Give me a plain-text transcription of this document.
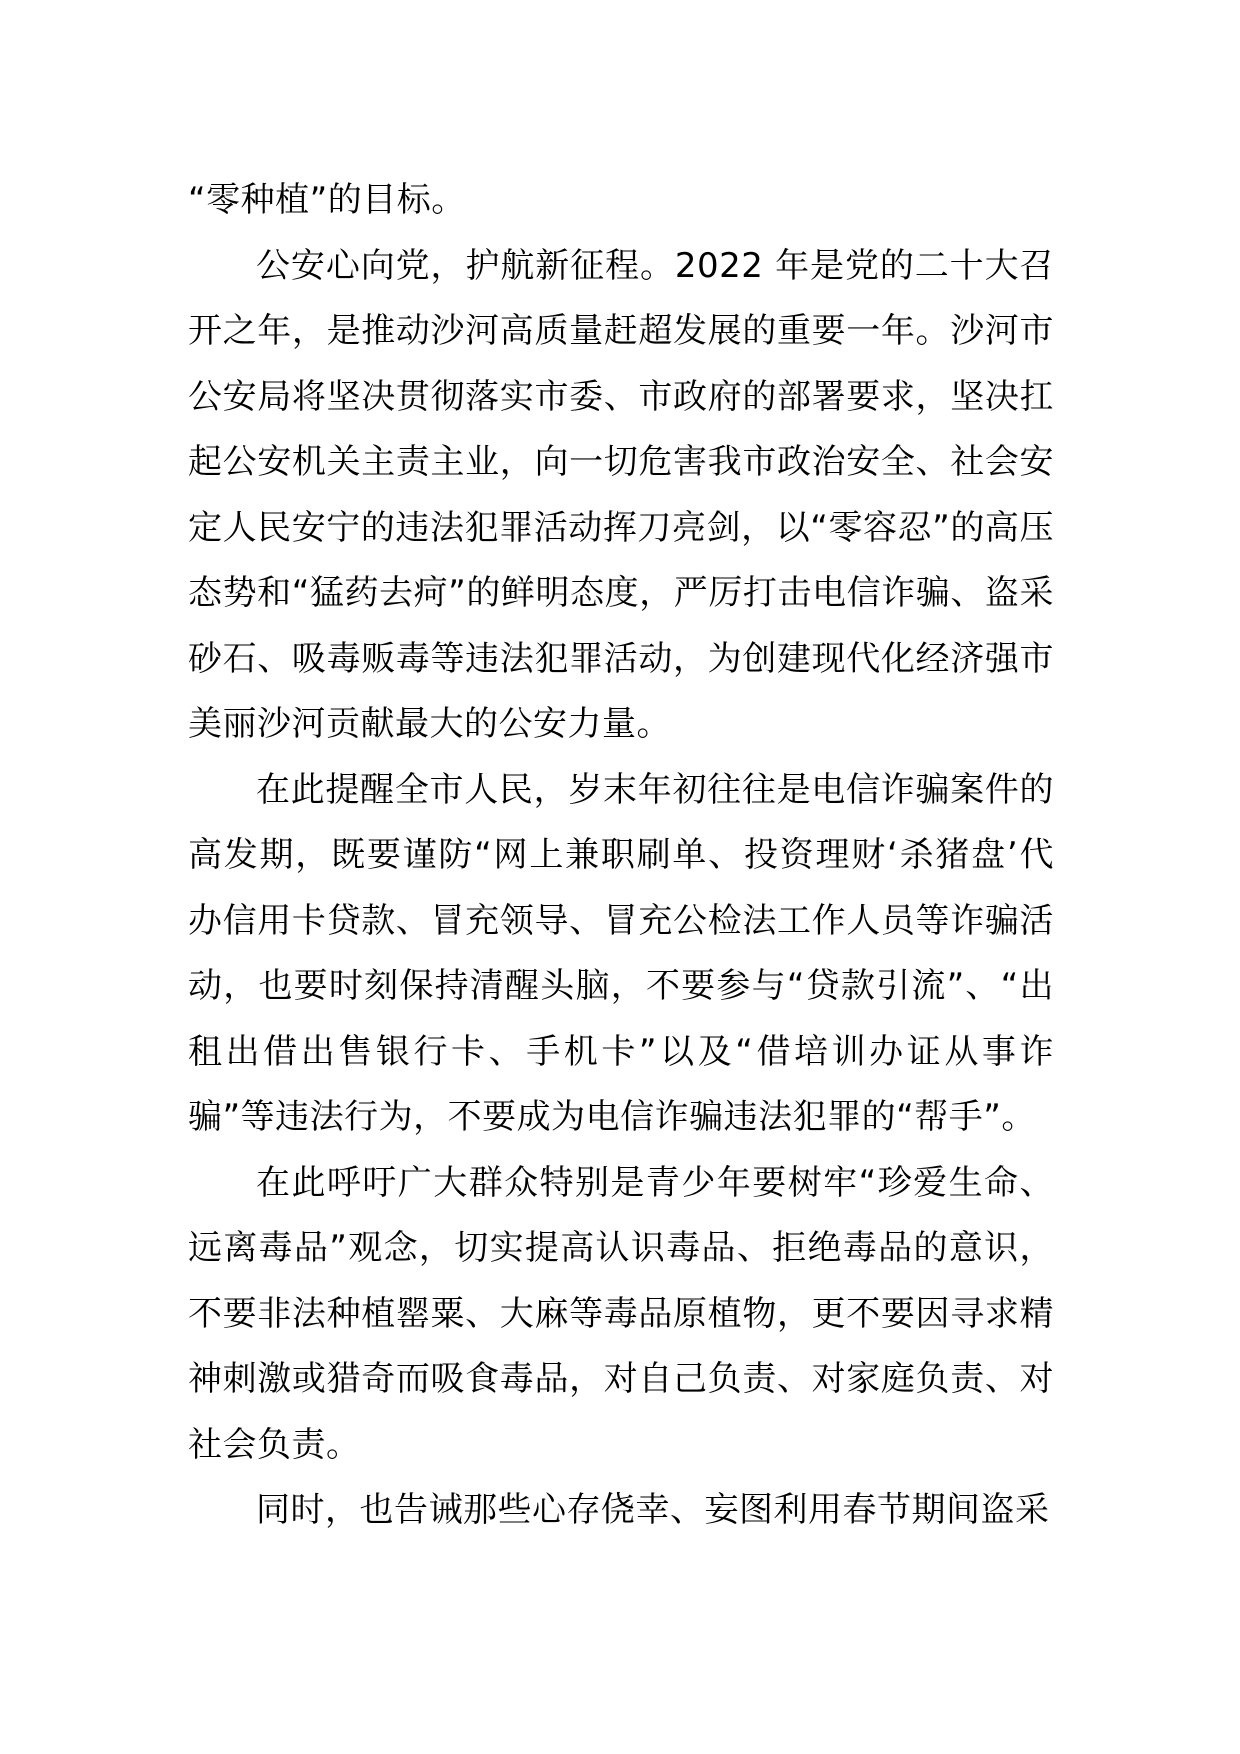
“零种植”的目标。

公安心向党，护航新征程。2022 年是党的二十大召开之年，是推动沙河高质量赶超发展的重要一年。沙河市公安局将坚决贯彻落实市委、市政府的部署要求，坚决扛起公安机关主责主业，向一切危害我市政治安全、社会安定人民安宁的违法犯罪活动挥刀亮剑，以“零容忍”的高压态势和“猛药去疴”的鲜明态度，严厉打击电信诈骗、盗采砂石、吸毒贩毒等违法犯罪活动，为创建现代化经济强市美丽沙河贡献最大的公安力量。

在此提醒全市人民，岁末年初往往是电信诈骗案件的高发期，既要谨防“网上兼职刷单、投资理财‘杀猪盘’代办信用卡贷款、冒充领导、冒充公检法工作人员等诈骗活动，也要时刻保持清醒头脑，不要参与“贷款引流”、“出租出借出售银行卡、手机卡”以及“借培训办证从事诈骗”等违法行为，不要成为电信诈骗违法犯罪的“帮手”。

在此呼吁广大群众特别是青少年要树牢“珍爱生命、远离毒品”观念，切实提高认识毒品、拒绝毒品的意识，不要非法种植罂粟、大麻等毒品原植物，更不要因寻求精神刺激或猎奇而吸食毒品，对自己负责、对家庭负责、对社会负责。

同时，也告诫那些心存侥幸、妄图利用春节期间盗采
